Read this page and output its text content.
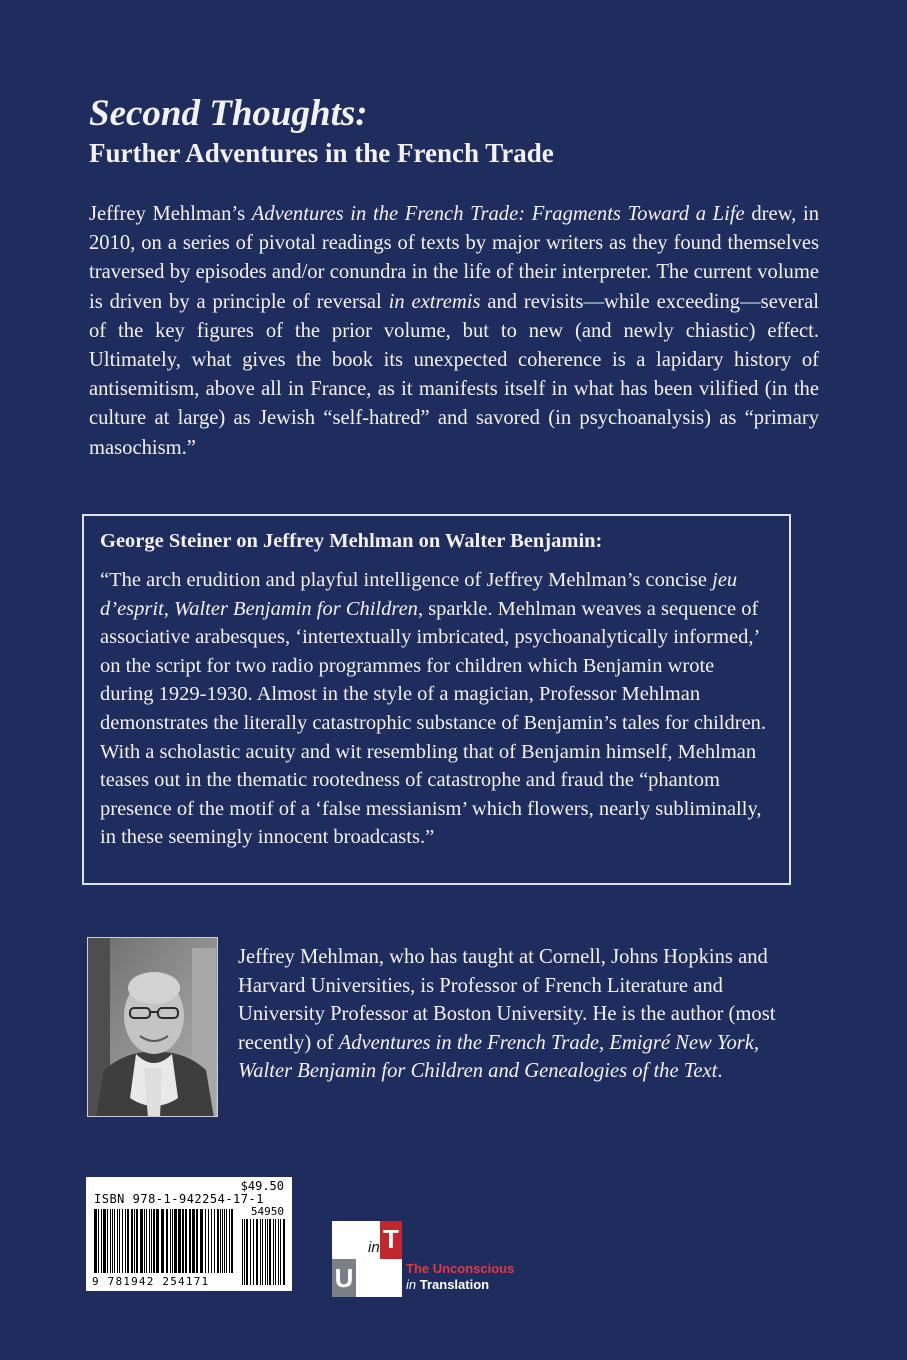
Second Thoughts:
Further Adventures in the French Trade

Jeffrey Mehlman’s Adventures in the French Trade: Fragments Toward a Life drew, in 2010, on a series of pivotal readings of texts by major writers as they found themselves traversed by episodes and/or conundra in the life of their interpreter. The current volume is driven by a principle of reversal in extremis and revisits—while exceeding—several of the key figures of the prior volume, but to new (and newly chiastic) effect. Ultimately, what gives the book its unexpected coherence is a lapidary history of antisemitism, above all in France, as it manifests itself in what has been vilified (in the culture at large) as Jewish “self-hatred” and savored (in psychoanalysis) as “primary masochism.”

George Steiner on Jeffrey Mehlman on Walter Benjamin:

“The arch erudition and playful intelligence of Jeffrey Mehlman’s concise jeu d’esprit, Walter Benjamin for Children, sparkle. Mehlman weaves a sequence of associative arabesques, ‘intertextually imbricated, psychoanalytically informed,’ on the script for two radio programmes for children which Benjamin wrote during 1929-1930. Almost in the style of a magician, Professor Mehlman demonstrates the literally catastrophic substance of Benjamin’s tales for children. With a scholastic acuity and wit resembling that of Benjamin himself, Mehlman teases out in the thematic rootedness of catastrophe and fraud the “phantom presence of the motif of a ‘false messianism’ which flowers, nearly subliminally, in these seemingly innocent broadcasts.”

Jeffrey Mehlman, who has taught at Cornell, Johns Hopkins and Harvard Universities, is Professor of French Literature and University Professor at Boston University. He is the author (most recently) of Adventures in the French Trade, Emigré New York, Walter Benjamin for Children and Genealogies of the Text.

$49.50
ISBN 978-1-942254-17-1
54950
9 781942 254171
in T
U	The Unconscious
in Translation
